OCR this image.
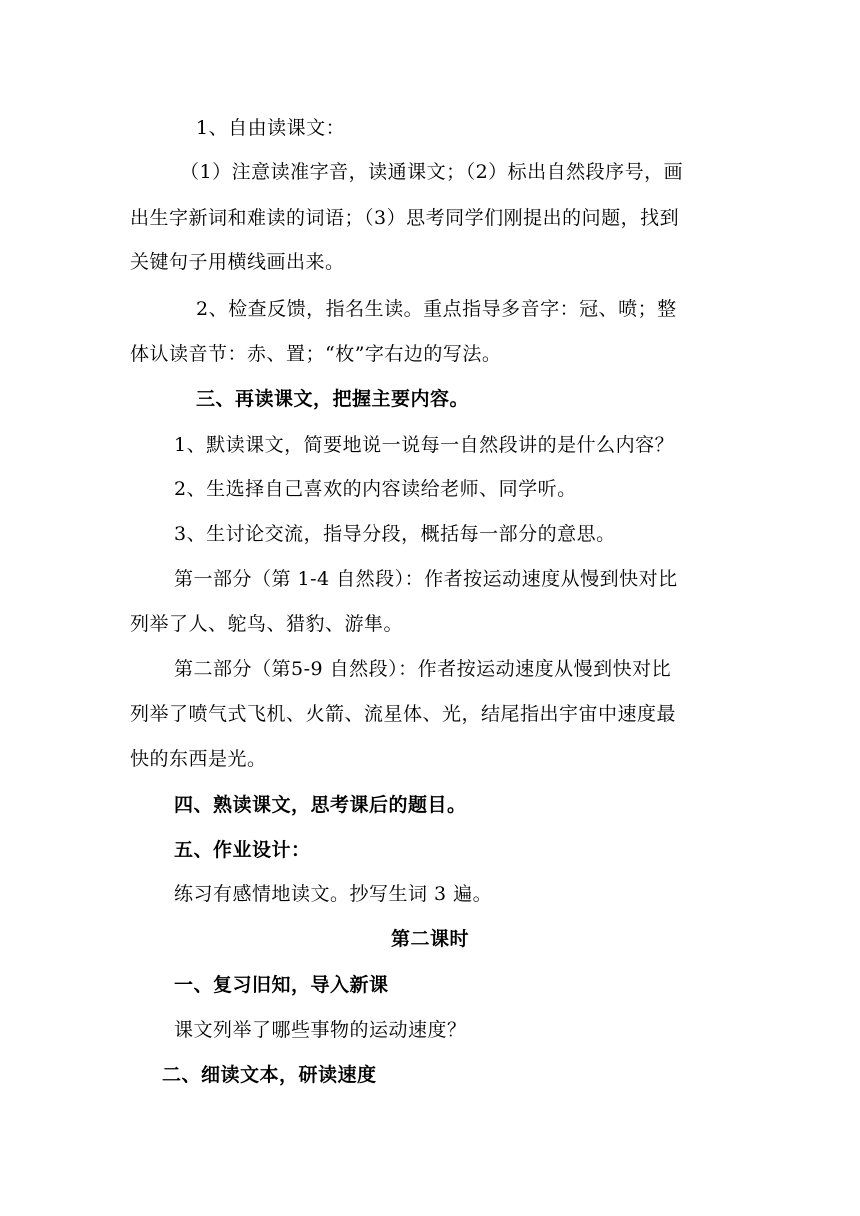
1、自由读课文：
（1）注意读准字音，读通课文；（2）标出自然段序号，画
出生字新词和难读的词语；（3）思考同学们刚提出的问题，找到
关键句子用横线画出来。
2、检查反馈，指名生读。重点指导多音字：冠、喷；整
体认读音节：赤、置；“枚”字右边的写法。
三、再读课文，把握主要内容。
1、默读课文，简要地说一说每一自然段讲的是什么内容？
2、生选择自己喜欢的内容读给老师、同学听。
3、生讨论交流，指导分段，概括每一部分的意思。
第一部分（第 1-4 自然段）：作者按运动速度从慢到快对比
列举了人、鸵鸟、猎豹、游隼。
第二部分（第5-9 自然段）：作者按运动速度从慢到快对比
列举了喷气式飞机、火箭、流星体、光，结尾指出宇宙中速度最
快的东西是光。
四、熟读课文，思考课后的题目。
五、作业设计：
练习有感情地读文。抄写生词 3 遍。
第二课时
一、复习旧知，导入新课
课文列举了哪些事物的运动速度？
二、细读文本，研读速度
